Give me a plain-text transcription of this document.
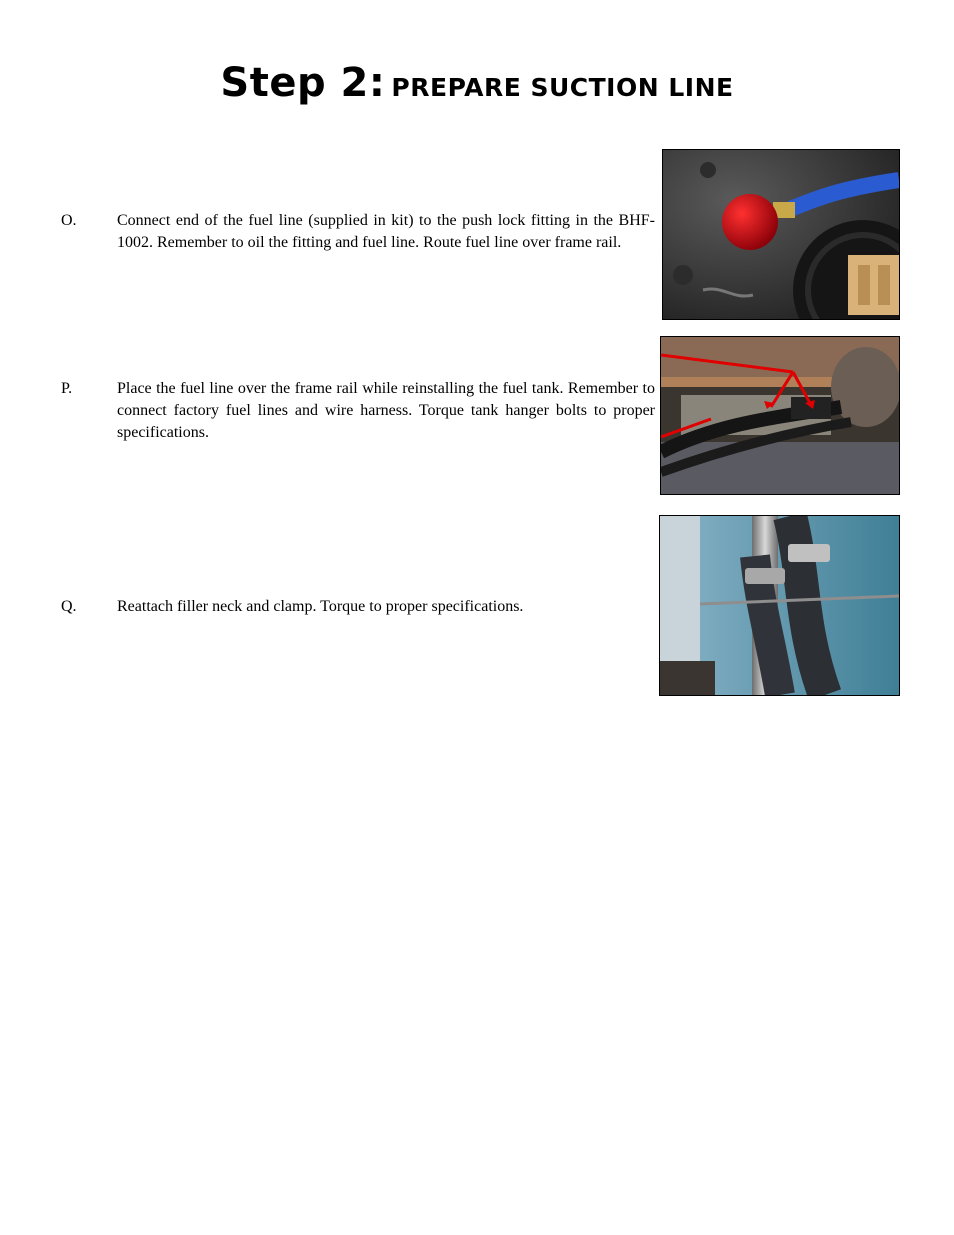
Step 2: PREPARE SUCTION LINE
O.	Connect end of the fuel line (supplied in kit) to the push lock fitting in the BHF-1002. Remember to oil the fitting and fuel line. Route fuel line over frame rail.
P.	Place the fuel line over the frame rail while reinstalling the fuel tank. Remember to connect factory fuel lines and wire harness. Torque tank hanger bolts to proper specifications.
Q.	Reattach filler neck and clamp. Torque to proper specifications.
